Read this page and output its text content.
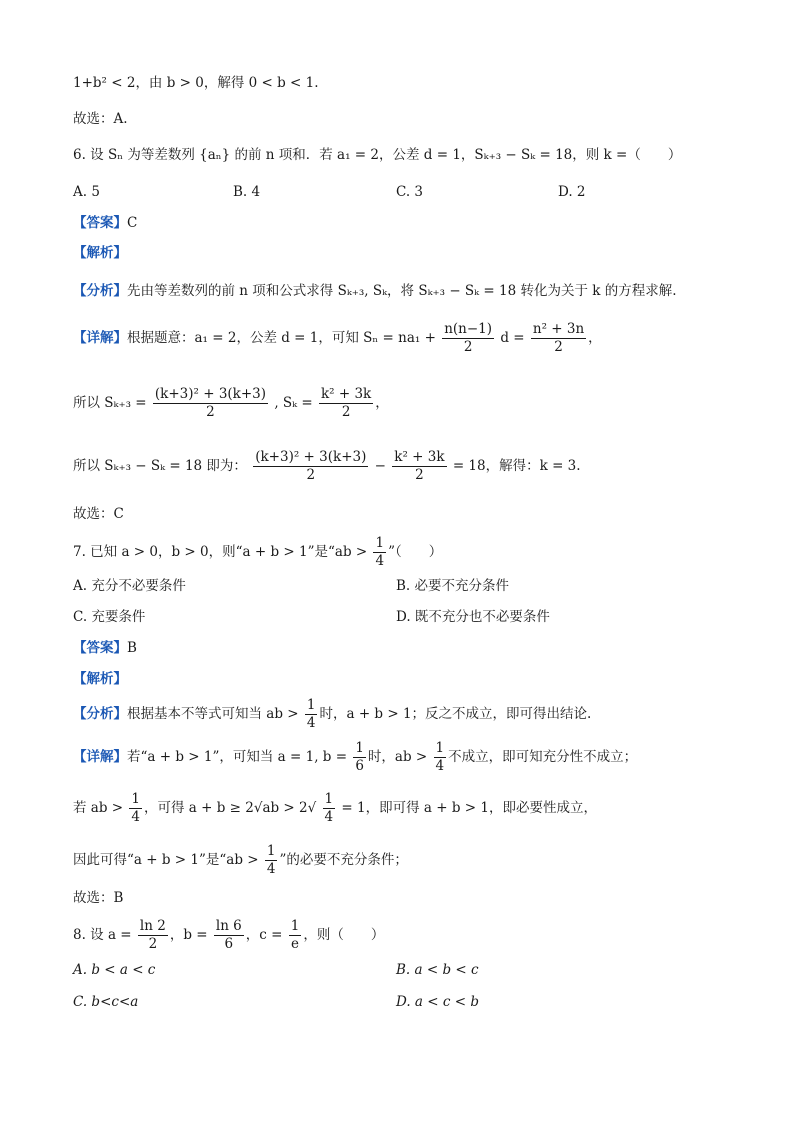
1+b² < 2，由 b > 0，解得 0 < b < 1.
故选：A.
6. 设 Sₙ 为等差数列 {aₙ} 的前 n 项和．若 a₁ = 2，公差 d = 1，Sₖ₊₃ − Sₖ = 18，则 k =（　　）
A. 5	B. 4	C. 3	D. 2
【答案】C
【解析】
【分析】先由等差数列的前 n 项和公式求得 Sₖ₊₃, Sₖ，将 Sₖ₊₃ − Sₖ = 18 转化为关于 k 的方程求解.
【详解】根据题意：a₁ = 2，公差 d = 1，可知 $S_n = na_1 + \frac{n(n-1)}{2}$ $d = \frac{\text{n² + 3n}}{2}$ ，
所以 $S_{k+3} = \frac{\text{(k+3)² + 3(k+3)}}{2}$ , $S_k = \frac{\text{k² + 3k}}{2}$ ，
所以 Sₖ₊₃ − Sₖ = 18 即为： $\frac{\text{(k+3)² + 3(k+3)}}{2} - \frac{\text{k² + 3k}}{2} = 18$，解得：k = 3.
故选：C
7. 已知 a > 0，b > 0，则“a + b > 1”是“ab > $\frac{1}{4}$ ”（　　）
A. 充分不必要条件	B. 必要不充分条件
C. 充要条件	D. 既不充分也不必要条件
【答案】B
【解析】
【分析】根据基本不等式可知当 ab > $\frac{1}{4}$ 时，a + b > 1；反之不成立，即可得出结论.
【详解】若“a + b > 1”，可知当 a = 1, $b = \frac{1}{6}$ 时，ab > $\frac{1}{4}$ 不成立，即可知充分性不成立；
若 ab > $\frac{1}{4}$ ，可得 $a + b \ge 2√ab > 2√ \frac{1}{4} = 1$，即可得 a + b > 1，即必要性成立，
因此可得“a + b > 1”是“ab > $\frac{1}{4}$ ”的必要不充分条件；
故选：B
8. 设 $a = \frac{\ln 2}{2}$ ，$b = \frac{\ln 6}{6}$ ，$c = \frac{1}{e}$ ，则（　　）
A. b < a < c	B. a < b < c
C. b<c<a	D. a < c < b
